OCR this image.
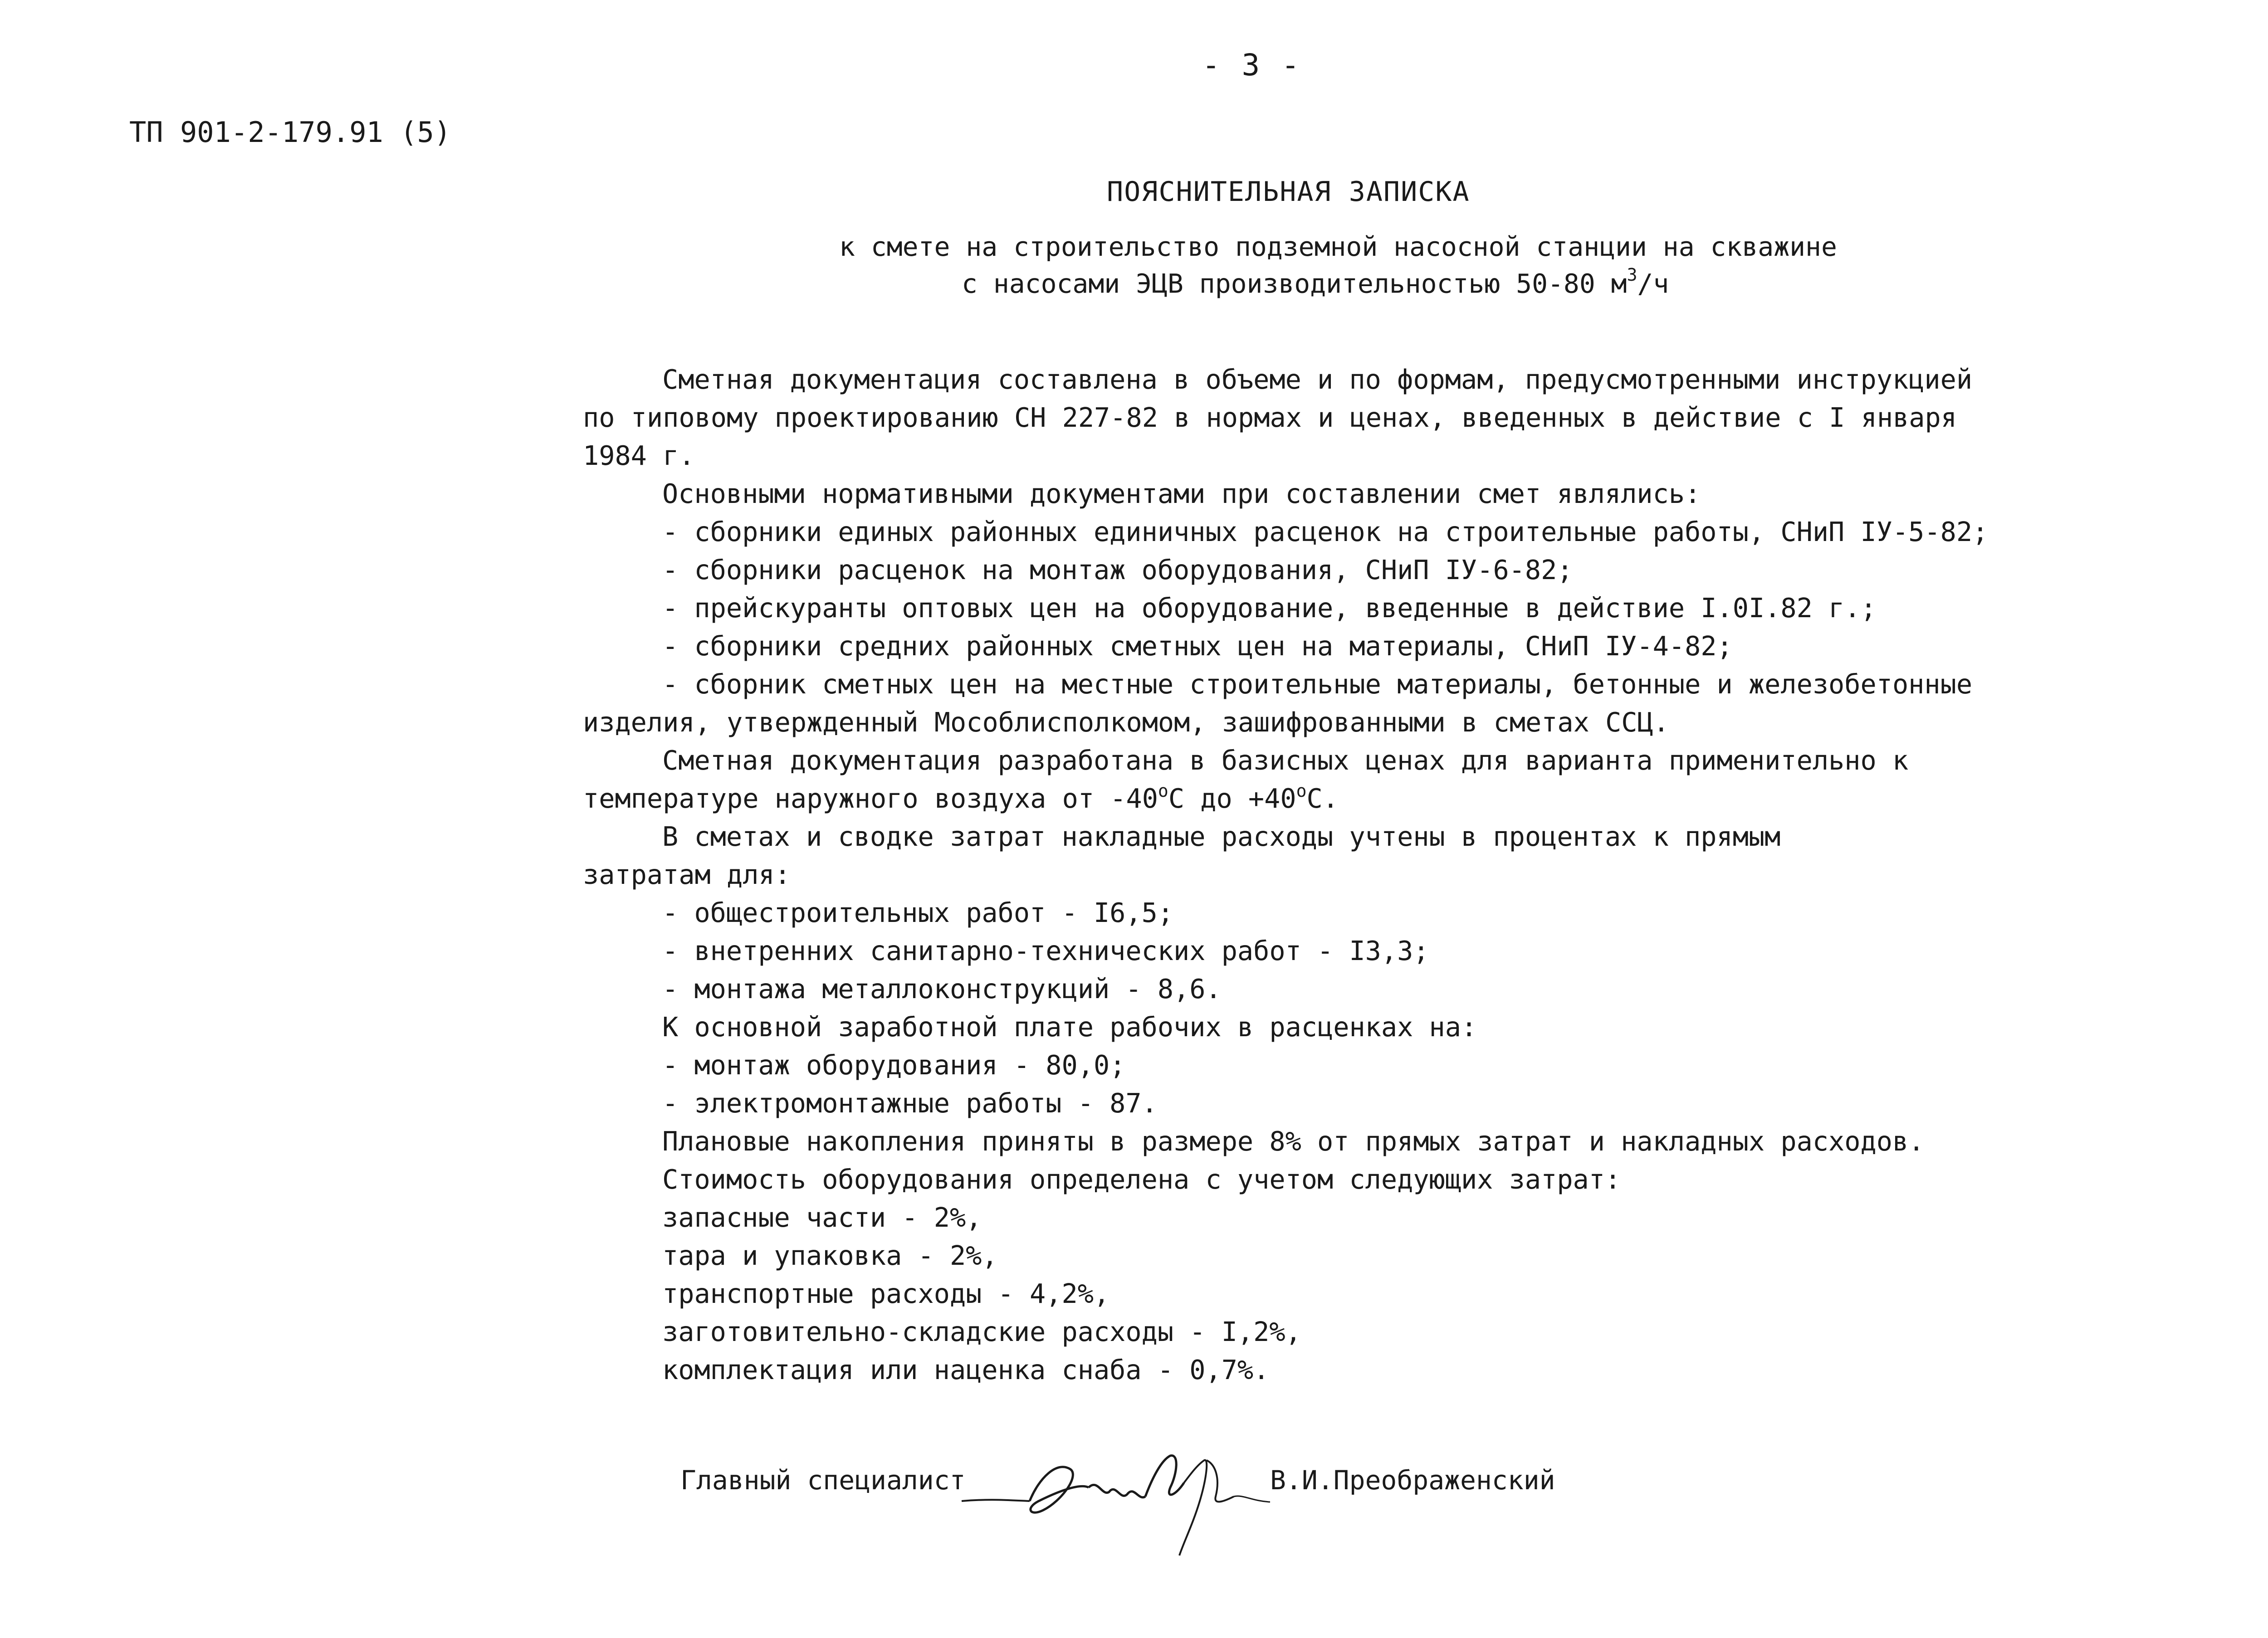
- 3 -
ТП 901-2-179.91 (5)
ПОЯСНИТЕЛЬНАЯ ЗАПИСКА
к смете на строительство подземной насосной станции на скважине
с насосами ЭЦВ производительностью 50-80 $м^3/ч$
Сметная документация составлена в объеме и по формам, предусмотренными инструкцией
по типовому проектированию СН 227-82 в нормах и ценах, введенных в действие с I января
1984 г.
Основными нормативными документами при составлении смет являлись:
- сборники единых районных единичных расценок на строительные работы, СНиП IУ-5-82;
- сборники расценок на монтаж оборудования, СНиП IУ-6-82;
- прейскуранты оптовых цен на оборудование, введенные в действие I.0I.82 г.;
- сборники средних районных сметных цен на материалы, СНиП IУ-4-82;
- сборник сметных цен на местные строительные материалы, бетонные и железобетонные
изделия, утвержденный Мособлисполкомом, зашифрованными в сметах ССЦ.
Сметная документация разработана в базисных ценах для варианта применительно к
температуре наружного воздуха от $-40^оС$ до $+40^оС$.
В сметах и сводке затрат накладные расходы учтены в процентах к прямым
затратам для:
- общестроительных работ - I6,5;
- внетренних санитарно-технических работ - I3,3;
- монтажа металлоконструкций - 8,6.
К основной заработной плате рабочих в расценках на:
- монтаж оборудования - 80,0;
- электромонтажные работы - 87.
Плановые накопления приняты в размере 8% от прямых затрат и накладных расходов.
Стоимость оборудования определена с учетом следующих затрат:
запасные части - 2%,
тара и упаковка - 2%,
транспортные расходы - 4,2%,
заготовительно-складские расходы - I,2%,
комплектация или наценка снаба - 0,7%.
Главный специалист	В.И.Преображенский
